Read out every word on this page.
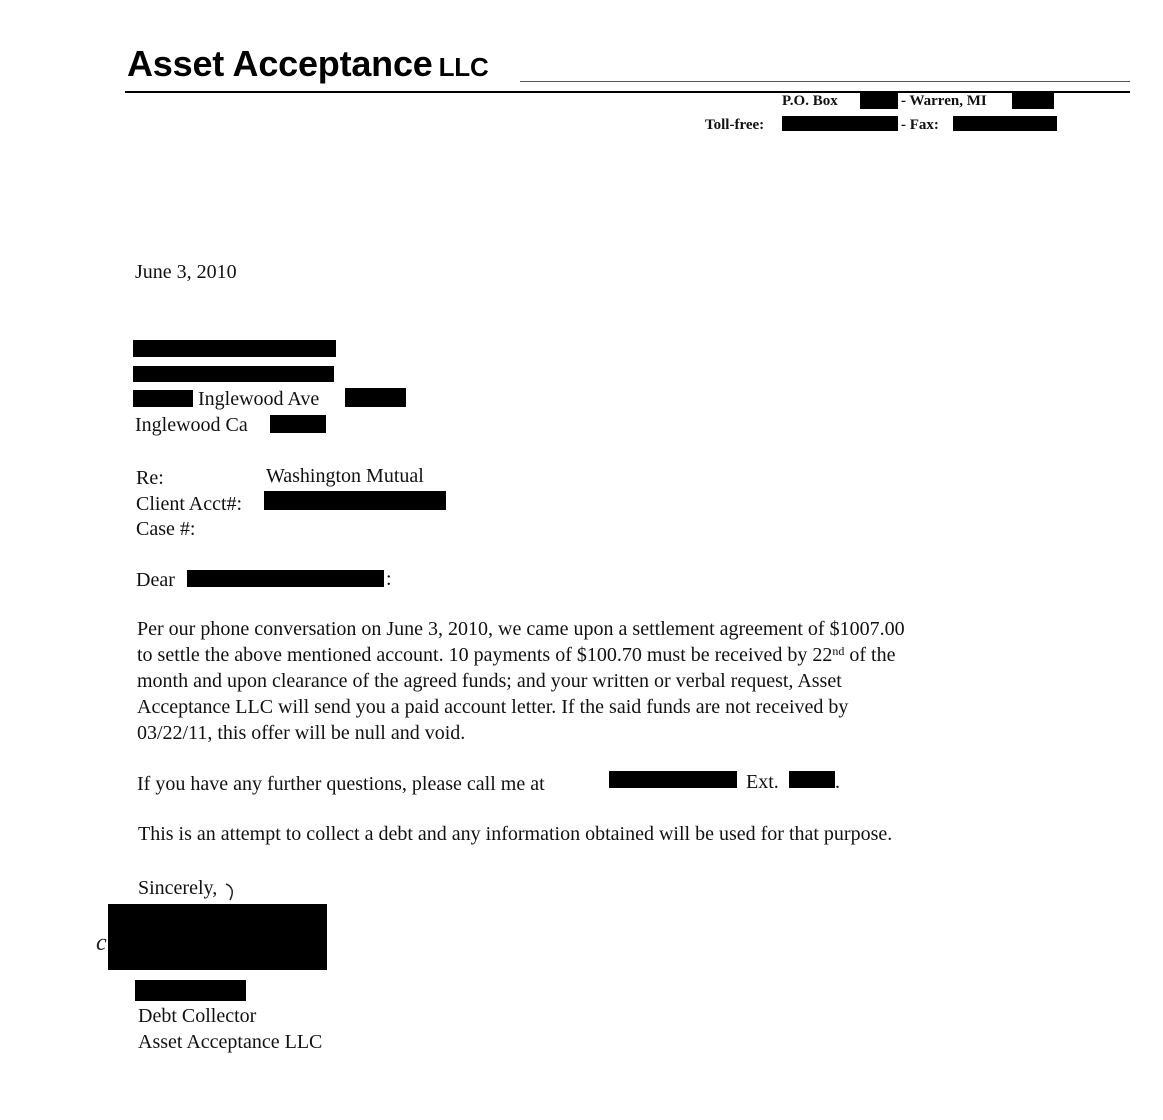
Asset Acceptance LLC
P.O. Box	- Warren, MI
Toll-free:	- Fax:
June 3, 2010
Inglewood Ave
Inglewood Ca
Re:	Washington Mutual
Client Acct#:
Case #:
Dear	:
Per our phone conversation on June 3, 2010, we came upon a settlement agreement of $1007.00
to settle the above mentioned account. 10 payments of $100.70 must be received by 22nd of the
month and upon clearance of the agreed funds; and your written or verbal request, Asset
Acceptance LLC will send you a paid account letter. If the said funds are not received by
03/22/11, this offer will be null and void.
If you have any further questions, please call me at	Ext.	.
This is an attempt to collect a debt and any information obtained will be used for that purpose.
Sincerely,
c
Debt Collector
Asset Acceptance LLC
